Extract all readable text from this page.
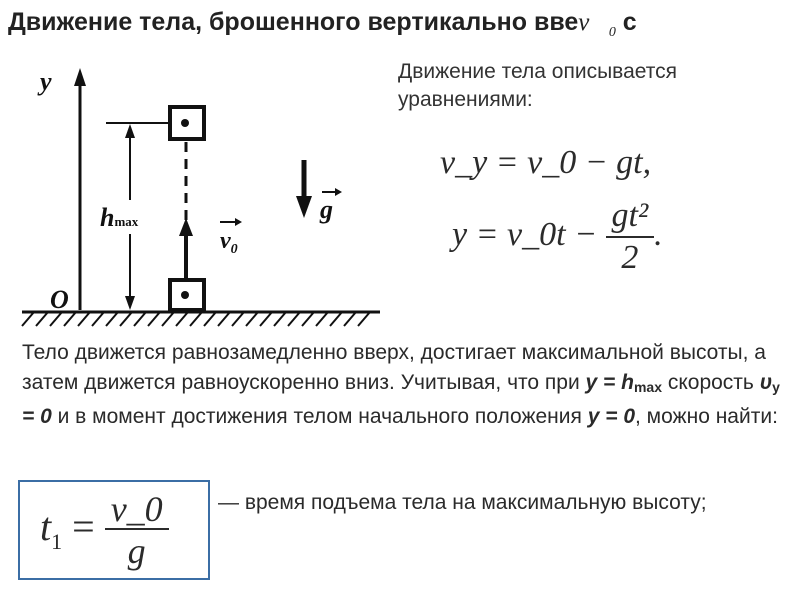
Движение тела, брошенного вертикально $ввеv⃗_0$ с
y
O
$v_0$
hmax	g
Движение тела описывается уравнениями:
v_y = v_0 − gt,
y = v_0t − $\frac{\text{gt²}}{2}$ .
Тело движется равнозамедленно вверх, достигает максимальной высоты, а затем движется равноускоренно вниз. Учитывая, что при $y = h_{max}$ скорость $\upsilon_y = 0$ и в момент достижения телом начального положения y = 0, можно найти:
$t_1 = \frac{v\_0}{g}$ — время подъема тела на максимальную высоту;
